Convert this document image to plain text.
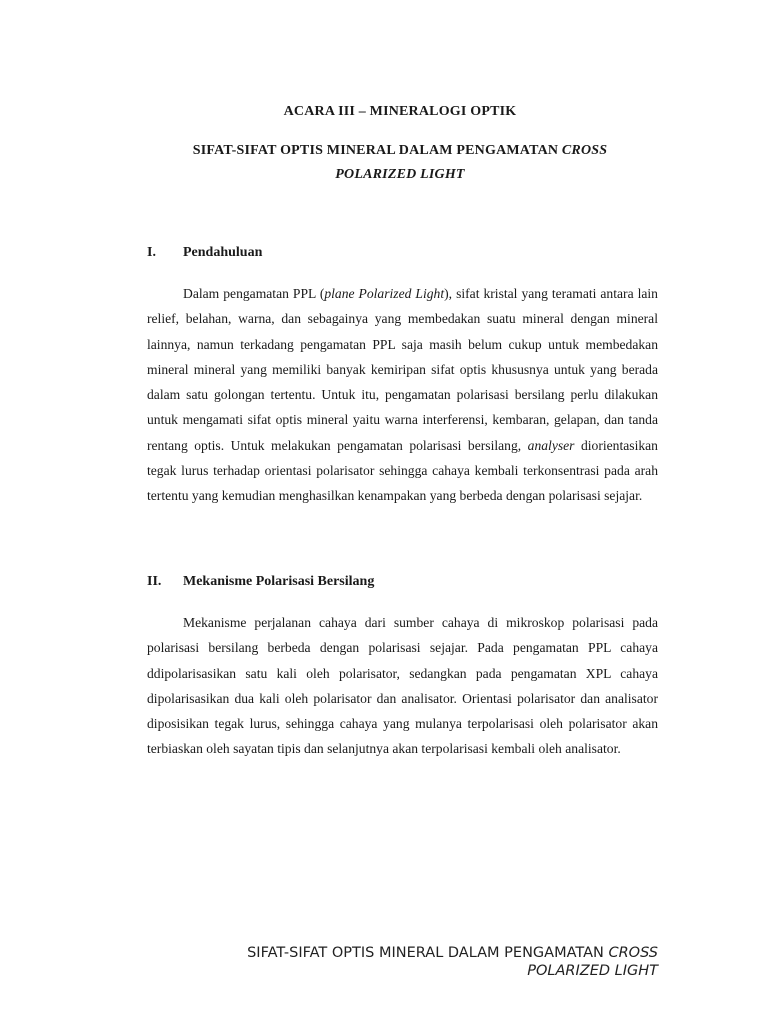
ACARA III – MINERALOGI OPTIK
SIFAT-SIFAT OPTIS MINERAL DALAM PENGAMATAN CROSS
POLARIZED LIGHT
I. Pendahuluan

Dalam pengamatan PPL (plane Polarized Light), sifat kristal yang teramati antara lain relief, belahan, warna, dan sebagainya yang membedakan suatu mineral dengan mineral lainnya, namun terkadang pengamatan PPL saja masih belum cukup untuk membedakan mineral mineral yang memiliki banyak kemiripan sifat optis khususnya untuk yang berada dalam satu golongan tertentu. Untuk itu, pengamatan polarisasi bersilang perlu dilakukan untuk mengamati sifat optis mineral yaitu warna interferensi, kembaran, gelapan, dan tanda rentang optis. Untuk melakukan pengamatan polarisasi bersilang, analyser diorientasikan tegak lurus terhadap orientasi polarisator sehingga cahaya kembali terkonsentrasi pada arah tertentu yang kemudian menghasilkan kenampakan yang berbeda dengan polarisasi sejajar.

II. Mekanisme Polarisasi Bersilang

Mekanisme perjalanan cahaya dari sumber cahaya di mikroskop polarisasi pada polarisasi bersilang berbeda dengan polarisasi sejajar. Pada pengamatan PPL cahaya ddipolarisasikan satu kali oleh polarisator, sedangkan pada pengamatan XPL cahaya dipolarisasikan dua kali oleh polarisator dan analisator. Orientasi polarisator dan analisator diposisikan tegak lurus, sehingga cahaya yang mulanya terpolarisasi oleh polarisator akan terbiaskan oleh sayatan tipis dan selanjutnya akan terpolarisasi kembali oleh analisator.

SIFAT-SIFAT OPTIS MINERAL DALAM PENGAMATAN CROSS
POLARIZED LIGHT
